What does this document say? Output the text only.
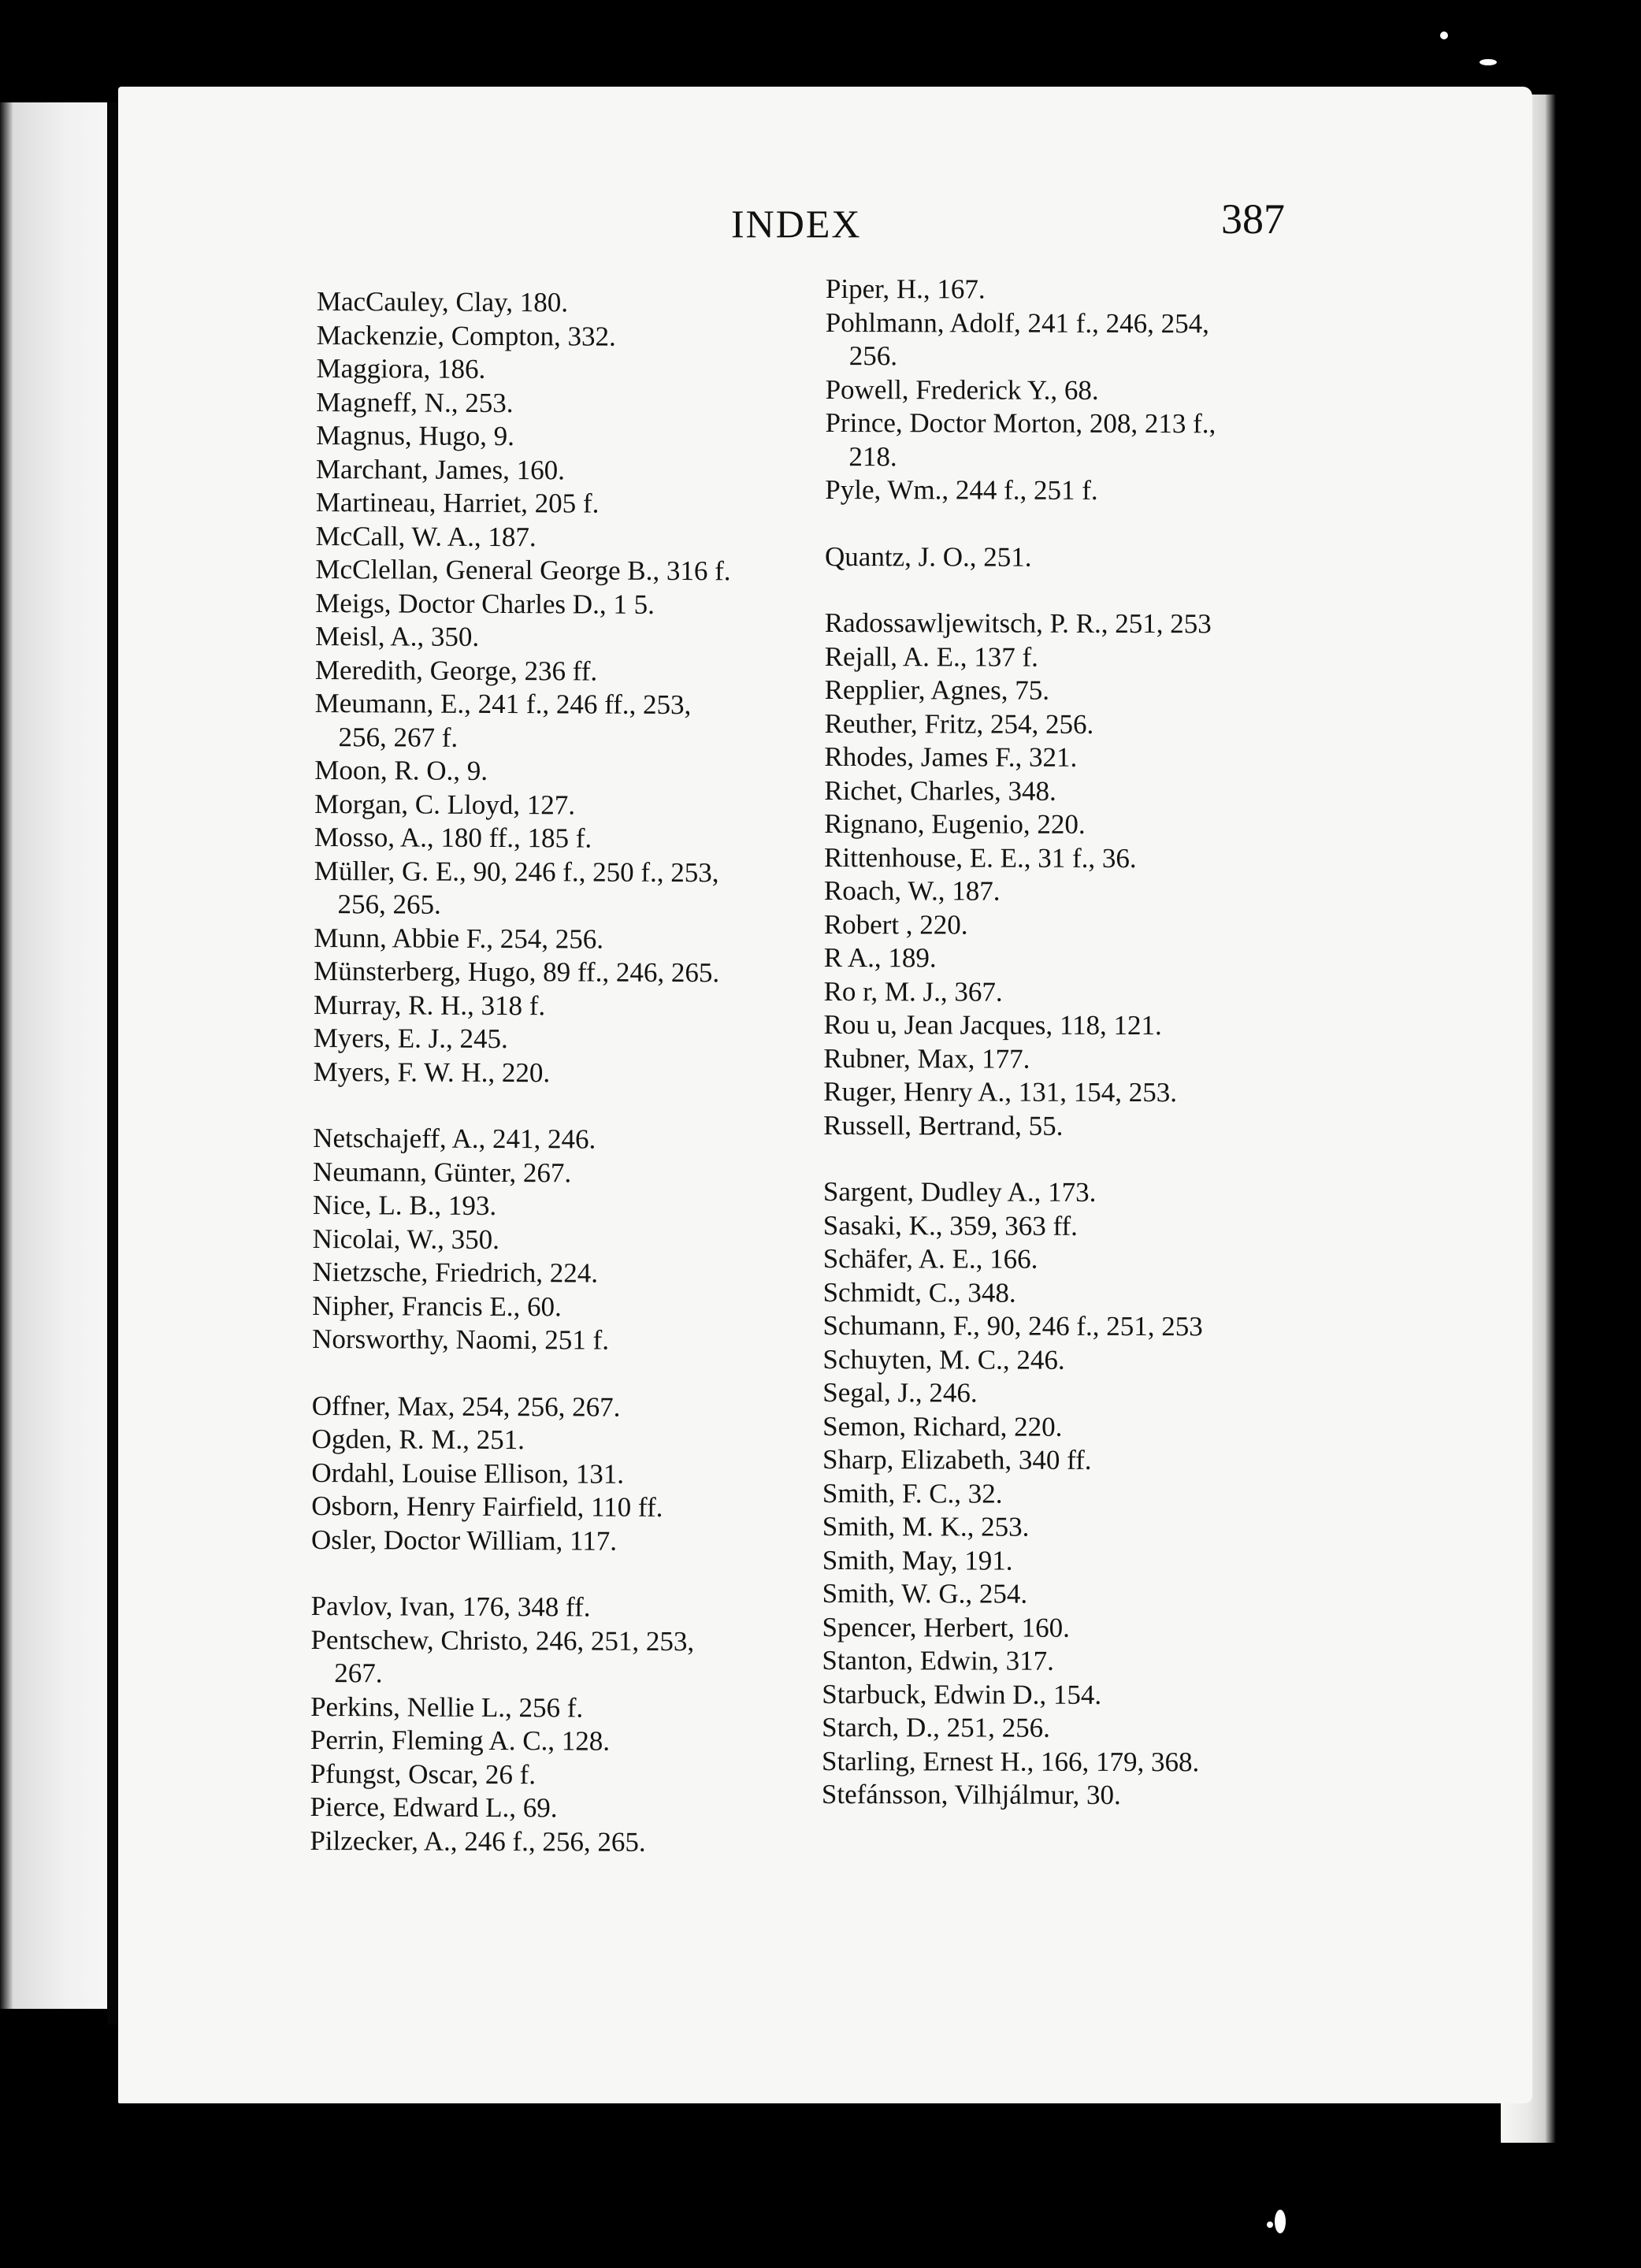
INDEX	387
MacCauley, Clay, 180.
Mackenzie, Compton, 332.
Maggiora, 186.
Magneff, N., 253.
Magnus, Hugo, 9.
Marchant, James, 160.
Martineau, Harriet, 205 f.
McCall, W. A., 187.
McClellan, General George B., 316 f.
Meigs, Doctor Charles D., 1 5.
Meisl, A., 350.
Meredith, George, 236 ff.
Meumann, E., 241 f., 246 ff., 253,
256, 267 f.
Moon, R. O., 9.
Morgan, C. Lloyd, 127.
Mosso, A., 180 ff., 185 f.
Müller, G. E., 90, 246 f., 250 f., 253,
256, 265.
Munn, Abbie F., 254, 256.
Münsterberg, Hugo, 89 ff., 246, 265.
Murray, R. H., 318 f.
Myers, E. J., 245.
Myers, F. W. H., 220.
Netschajeff, A., 241, 246.
Neumann, Günter, 267.
Nice, L. B., 193.
Nicolai, W., 350.
Nietzsche, Friedrich, 224.
Nipher, Francis E., 60.
Norsworthy, Naomi, 251 f.
Offner, Max, 254, 256, 267.
Ogden, R. M., 251.
Ordahl, Louise Ellison, 131.
Osborn, Henry Fairfield, 110 ff.
Osler, Doctor William, 117.
Pavlov, Ivan, 176, 348 ff.
Pentschew, Christo, 246, 251, 253,
267.
Perkins, Nellie L., 256 f.
Perrin, Fleming A. C., 128.
Pfungst, Oscar, 26 f.
Pierce, Edward L., 69.
Pilzecker, A., 246 f., 256, 265.
Piper, H., 167.
Pohlmann, Adolf, 241 f., 246, 254,
256.
Powell, Frederick Y., 68.
Prince, Doctor Morton, 208, 213 f.,
218.
Pyle, Wm., 244 f., 251 f.
Quantz, J. O., 251.
Radossawljewitsch, P. R., 251, 253
Rejall, A. E., 137 f.
Repplier, Agnes, 75.
Reuther, Fritz, 254, 256.
Rhodes, James F., 321.
Richet, Charles, 348.
Rignano, Eugenio, 220.
Rittenhouse, E. E., 31 f., 36.
Roach, W., 187.
Robert , 220.
R A., 189.
Ro r, M. J., 367.
Rou u, Jean Jacques, 118, 121.
Rubner, Max, 177.
Ruger, Henry A., 131, 154, 253.
Russell, Bertrand, 55.
Sargent, Dudley A., 173.
Sasaki, K., 359, 363 ff.
Schäfer, A. E., 166.
Schmidt, C., 348.
Schumann, F., 90, 246 f., 251, 253
Schuyten, M. C., 246.
Segal, J., 246.
Semon, Richard, 220.
Sharp, Elizabeth, 340 ff.
Smith, F. C., 32.
Smith, M. K., 253.
Smith, May, 191.
Smith, W. G., 254.
Spencer, Herbert, 160.
Stanton, Edwin, 317.
Starbuck, Edwin D., 154.
Starch, D., 251, 256.
Starling, Ernest H., 166, 179, 368.
Stefánsson, Vilhjálmur, 30.
